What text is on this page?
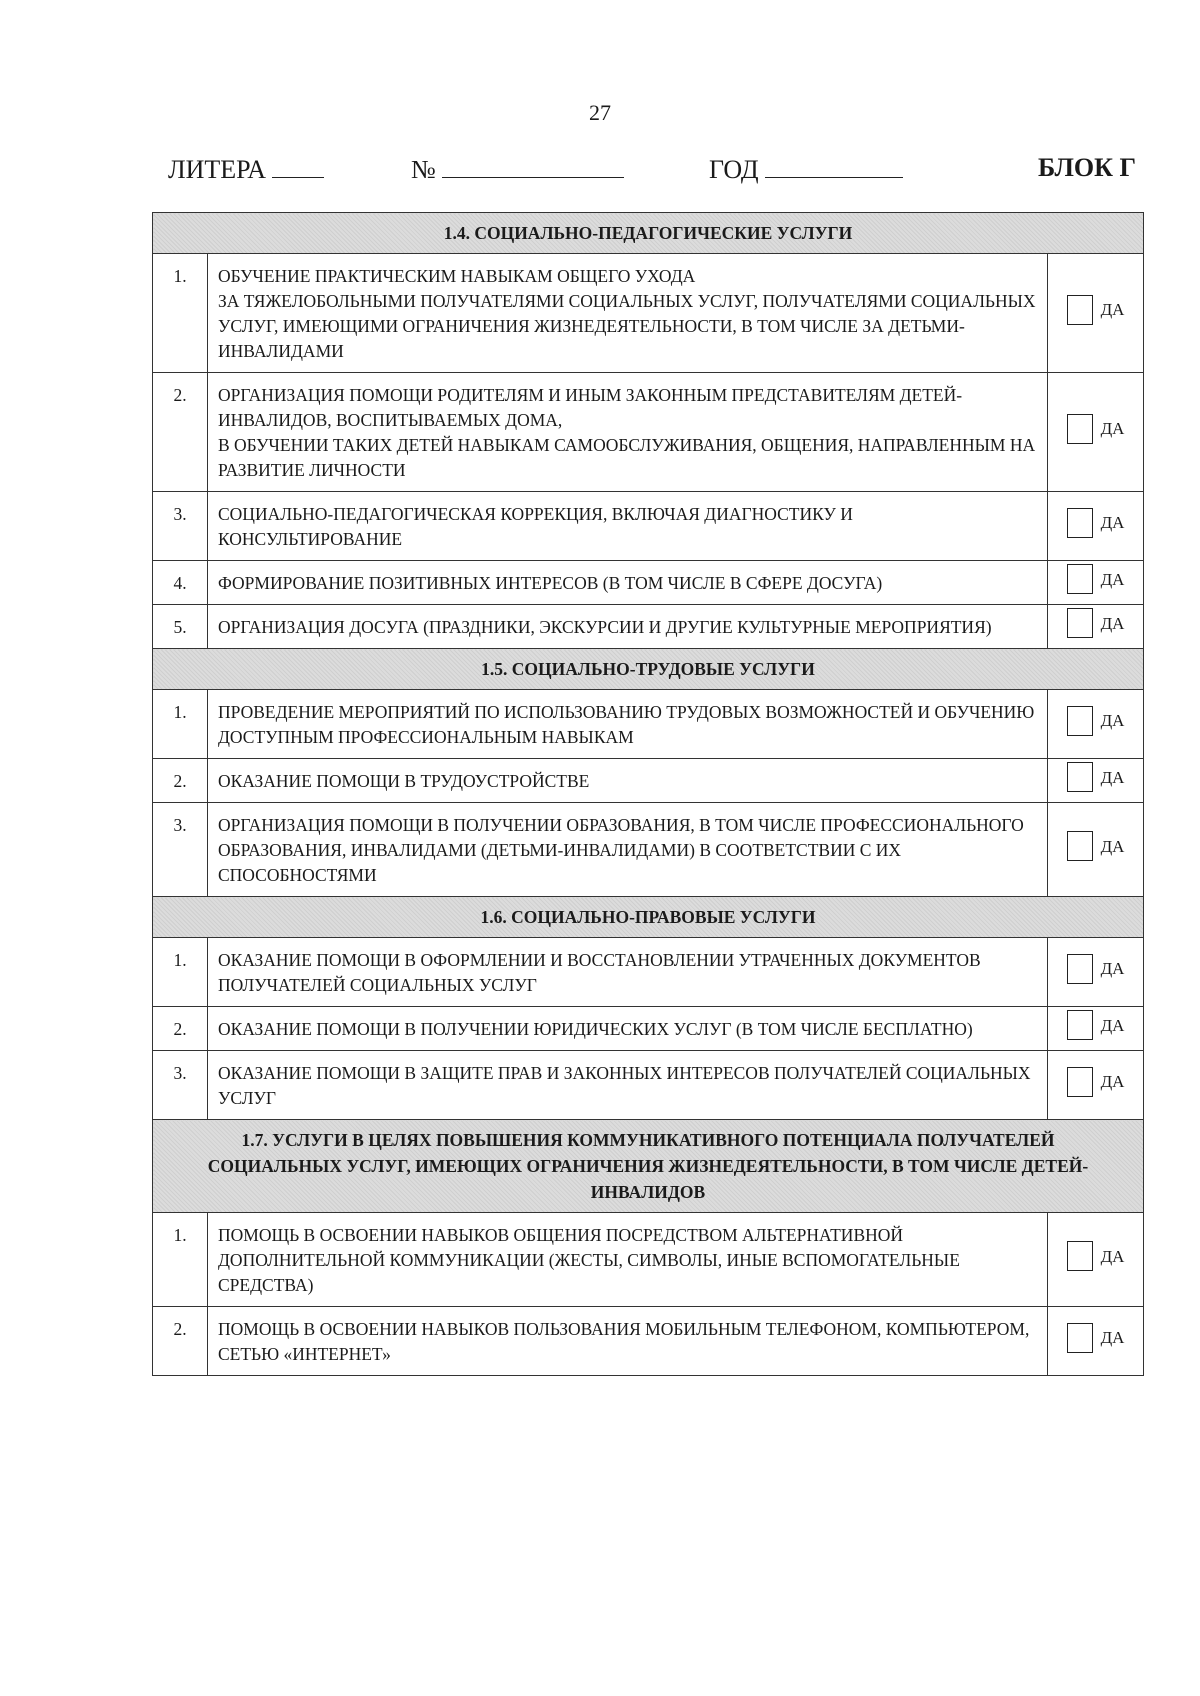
27
ЛИТЕРА	№	ГОД	БЛОК Г
1.4. СОЦИАЛЬНО-ПЕДАГОГИЧЕСКИЕ УСЛУГИ		
1.	ОБУЧЕНИЕ ПРАКТИЧЕСКИМ НАВЫКАМ ОБЩЕГО УХОДА
ЗА ТЯЖЕЛОБОЛЬНЫМИ ПОЛУЧАТЕЛЯМИ СОЦИАЛЬНЫХ УСЛУГ, ПОЛУЧАТЕЛЯМИ СОЦИАЛЬНЫХ УСЛУГ, ИМЕЮЩИМИ ОГРАНИЧЕНИЯ ЖИЗНЕДЕЯТЕЛЬНОСТИ, В ТОМ ЧИСЛЕ ЗА ДЕТЬМИ-ИНВАЛИДАМИ	ДА

2.	ОРГАНИЗАЦИЯ ПОМОЩИ РОДИТЕЛЯМ И ИНЫМ ЗАКОННЫМ ПРЕДСТАВИТЕЛЯМ ДЕТЕЙ-ИНВАЛИДОВ, ВОСПИТЫВАЕМЫХ ДОМА,
В ОБУЧЕНИИ ТАКИХ ДЕТЕЙ НАВЫКАМ САМООБСЛУЖИВАНИЯ, ОБЩЕНИЯ, НАПРАВЛЕННЫМ НА РАЗВИТИЕ ЛИЧНОСТИ	ДА

3.	СОЦИАЛЬНО-ПЕДАГОГИЧЕСКАЯ КОРРЕКЦИЯ, ВКЛЮЧАЯ ДИАГНОСТИКУ И КОНСУЛЬТИРОВАНИЕ	ДА

4.	ФОРМИРОВАНИЕ ПОЗИТИВНЫХ ИНТЕРЕСОВ (В ТОМ ЧИСЛЕ В СФЕРЕ ДОСУГА)	ДА

5.	ОРГАНИЗАЦИЯ ДОСУГА (ПРАЗДНИКИ, ЭКСКУРСИИ И ДРУГИЕ КУЛЬТУРНЫЕ МЕРОПРИЯТИЯ)	ДА

1.5. СОЦИАЛЬНО-ТРУДОВЫЕ УСЛУГИ		
1.	ПРОВЕДЕНИЕ МЕРОПРИЯТИЙ ПО ИСПОЛЬЗОВАНИЮ ТРУДОВЫХ ВОЗМОЖНОСТЕЙ И ОБУЧЕНИЮ ДОСТУПНЫМ ПРОФЕССИОНАЛЬНЫМ НАВЫКАМ	ДА

2.	ОКАЗАНИЕ ПОМОЩИ В ТРУДОУСТРОЙСТВЕ	ДА

3.	ОРГАНИЗАЦИЯ ПОМОЩИ В ПОЛУЧЕНИИ ОБРАЗОВАНИЯ, В ТОМ ЧИСЛЕ ПРОФЕССИОНАЛЬНОГО ОБРАЗОВАНИЯ, ИНВАЛИДАМИ (ДЕТЬМИ-ИНВАЛИДАМИ) В СООТВЕТСТВИИ С ИХ СПОСОБНОСТЯМИ	ДА

1.6. СОЦИАЛЬНО-ПРАВОВЫЕ УСЛУГИ		
1.	ОКАЗАНИЕ ПОМОЩИ В ОФОРМЛЕНИИ И ВОССТАНОВЛЕНИИ УТРАЧЕННЫХ ДОКУМЕНТОВ ПОЛУЧАТЕЛЕЙ СОЦИАЛЬНЫХ УСЛУГ	ДА

2.	ОКАЗАНИЕ ПОМОЩИ В ПОЛУЧЕНИИ ЮРИДИЧЕСКИХ УСЛУГ (В ТОМ ЧИСЛЕ БЕСПЛАТНО)	ДА

3.	ОКАЗАНИЕ ПОМОЩИ В ЗАЩИТЕ ПРАВ И ЗАКОННЫХ ИНТЕРЕСОВ ПОЛУЧАТЕЛЕЙ СОЦИАЛЬНЫХ УСЛУГ	ДА

1.7. УСЛУГИ В ЦЕЛЯХ ПОВЫШЕНИЯ КОММУНИКАТИВНОГО ПОТЕНЦИАЛА ПОЛУЧАТЕЛЕЙ СОЦИАЛЬНЫХ УСЛУГ, ИМЕЮЩИХ ОГРАНИЧЕНИЯ ЖИЗНЕДЕЯТЕЛЬНОСТИ, В ТОМ ЧИСЛЕ ДЕТЕЙ-ИНВАЛИДОВ		
1.	ПОМОЩЬ В ОСВОЕНИИ НАВЫКОВ ОБЩЕНИЯ ПОСРЕДСТВОМ АЛЬТЕРНАТИВНОЙ ДОПОЛНИТЕЛЬНОЙ КОММУНИКАЦИИ (ЖЕСТЫ, СИМВОЛЫ, ИНЫЕ ВСПОМОГАТЕЛЬНЫЕ СРЕДСТВА)	ДА

2.	ПОМОЩЬ В ОСВОЕНИИ НАВЫКОВ ПОЛЬЗОВАНИЯ МОБИЛЬНЫМ ТЕЛЕФОНОМ, КОМПЬЮТЕРОМ, СЕТЬЮ «ИНТЕРНЕТ»	ДА
